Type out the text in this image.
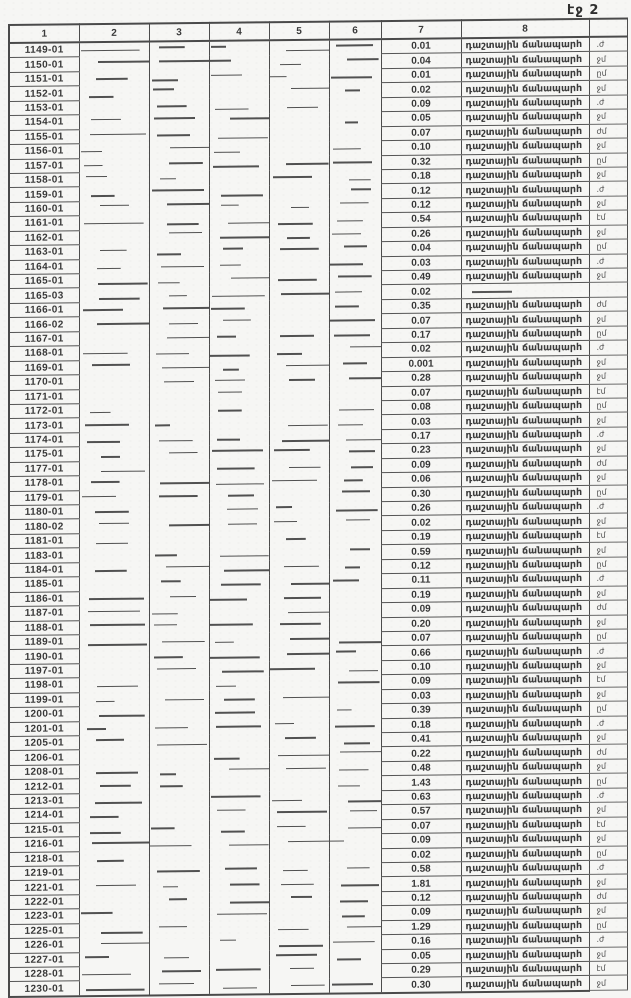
էջ 2
1	2	3	4	5	6	7	8	
1149-01						0.01	դաշտային ճանապարհ	.ժ
1150-01						0.04	դաշտային ճանապարհ	ջմ
1151-01						0.01	դաշտային ճանապարհ	ըմ
1152-01						0.02	դաշտային ճանապարհ	ջմ
1153-01						0.09	դաշտային ճանապարհ	.ժ
1154-01						0.05	դաշտային ճանապարհ	ջմ
1155-01						0.07	դաշտային ճանապարհ	ժմ
1156-01						0.10	դաշտային ճանապարհ	ջմ
1157-01						0.32	դաշտային ճանապարհ	ըմ
1158-01						0.18	դաշտային ճանապարհ	ջմ
1159-01						0.12	դաշտային ճանապարհ	.ժ
1160-01						0.12	դաշտային ճանապարհ	ջմ
1161-01						0.54	դաշտային ճանապարհ	էմ
1162-01						0.26	դաշտային ճանապարհ	ջմ
1163-01						0.04	դաշտային ճանապարհ	ըմ
1164-01						0.03	դաշտային ճանապարհ	.ժ
1165-01						0.49	դաշտային ճանապարհ	ջմ
1165-03						0.02		
1166-01						0.35	դաշտային ճանապարհ	ժմ
1166-02						0.07	դաշտային ճանապարհ	ջմ
1167-01						0.17	դաշտային ճանապարհ	ըմ
1168-01						0.02	դաշտային ճանապարհ	.ժ
1169-01						0.001	դաշտային ճանապարհ	ջմ
1170-01						0.28	դաշտային ճանապարհ	ջմ
1171-01						0.07	դաշտային ճանապարհ	էմ
1172-01						0.08	դաշտային ճանապարհ	ըմ
1173-01						0.03	դաշտային ճանապարհ	ջմ
1174-01						0.17	դաշտային ճանապարհ	.ժ
1175-01						0.23	դաշտային ճանապարհ	ջմ
1177-01						0.09	դաշտային ճանապարհ	ժմ
1178-01						0.06	դաշտային ճանապարհ	ջմ
1179-01						0.30	դաշտային ճանապարհ	ըմ
1180-01						0.26	դաշտային ճանապարհ	.ժ
1180-02						0.02	դաշտային ճանապարհ	ջմ
1181-01						0.19	դաշտային ճանապարհ	էմ
1183-01						0.59	դաշտային ճանապարհ	ջմ
1184-01						0.12	դաշտային ճանապարհ	ըմ
1185-01						0.11	դաշտային ճանապարհ	.ժ
1186-01						0.19	դաշտային ճանապարհ	ջմ
1187-01						0.09	դաշտային ճանապարհ	ժմ
1188-01						0.20	դաշտային ճանապարհ	ջմ
1189-01						0.07	դաշտային ճանապարհ	ըմ
1190-01						0.66	դաշտային ճանապարհ	.ժ
1197-01						0.10	դաշտային ճանապարհ	ջմ
1198-01						0.09	դաշտային ճանապարհ	էմ
1199-01						0.03	դաշտային ճանապարհ	ջմ
1200-01						0.39	դաշտային ճանապարհ	ըմ
1201-01						0.18	դաշտային ճանապարհ	.ժ
1205-01						0.41	դաշտային ճանապարհ	ջմ
1206-01						0.22	դաշտային ճանապարհ	ժմ
1208-01						0.48	դաշտային ճանապարհ	ջմ
1212-01						1.43	դաշտային ճանապարհ	ըմ
1213-01						0.63	դաշտային ճանապարհ	.ժ
1214-01						0.57	դաշտային ճանապարհ	ջմ
1215-01						0.07	դաշտային ճանապարհ	էմ
1216-01						0.09	դաշտային ճանապարհ	ջմ
1218-01						0.02	դաշտային ճանապարհ	ըմ
1219-01						0.58	դաշտային ճանապարհ	.ժ
1221-01						1.81	դաշտային ճանապարհ	ջմ
1222-01						0.12	դաշտային ճանապարհ	ժմ
1223-01						0.09	դաշտային ճանապարհ	ջմ
1225-01						1.29	դաշտային ճանապարհ	ըմ
1226-01						0.16	դաշտային ճանապարհ	.ժ
1227-01						0.05	դաշտային ճանապարհ	ջմ
1228-01						0.29	դաշտային ճանապարհ	էմ
1230-01						0.30	դաշտային ճանապարհ	ջմ
